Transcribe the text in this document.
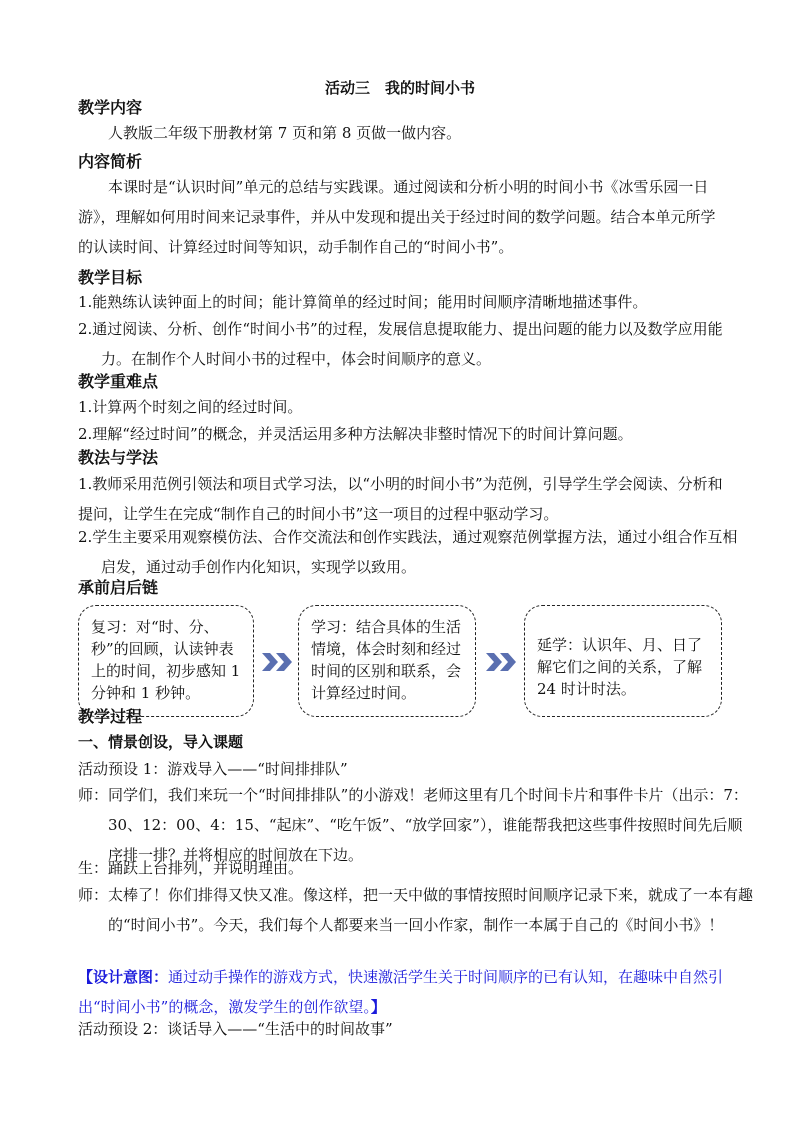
活动三　我的时间小书
教学内容
人教版二年级下册教材第 7 页和第 8 页做一做内容。
内容简析
本课时是“认识时间”单元的总结与实践课。通过阅读和分析小明的时间小书《冰雪乐园一日游》，理解如何用时间来记录事件，并从中发现和提出关于经过时间的数学问题。结合本单元所学的认读时间、计算经过时间等知识，动手制作自己的“时间小书”。
教学目标
1.能熟练认读钟面上的时间；能计算简单的经过时间；能用时间顺序清晰地描述事件。
2.通过阅读、分析、创作“时间小书”的过程，发展信息提取能力、提出问题的能力以及数学应用能力。在制作个人时间小书的过程中，体会时间顺序的意义。
教学重难点
1.计算两个时刻之间的经过时间。
2.理解“经过时间”的概念，并灵活运用多种方法解决非整时情况下的时间计算问题。
教法与学法
1.教师采用范例引领法和项目式学习法，以“小明的时间小书”为范例，引导学生学会阅读、分析和提问，让学生在完成“制作自己的时间小书”这一项目的过程中驱动学习。
2.学生主要采用观察模仿法、合作交流法和创作实践法，通过观察范例掌握方法，通过小组合作互相启发，通过动手创作内化知识，实现学以致用。
承前启后链
复习：对“时、分、秒”的回顾，认读钟表上的时间，初步感知 1 分钟和 1 秒钟。
学习：结合具体的生活情境，体会时刻和经过时间的区别和联系，会计算经过时间。
延学：认识年、月、日了解它们之间的关系，了解 24 时计时法。
教学过程
一、情景创设，导入课题
活动预设 1：游戏导入——“时间排排队”
师：同学们，我们来玩一个“时间排排队”的小游戏！老师这里有几个时间卡片和事件卡片（出示：7：30、12：00、4：15、“起床”、“吃午饭”、“放学回家”），谁能帮我把这些事件按照时间先后顺序排一排？并将相应的时间放在下边。
生：踊跃上台排列，并说明理由。
师：太棒了！你们排得又快又准。像这样，把一天中做的事情按照时间顺序记录下来，就成了一本有趣的“时间小书”。今天，我们每个人都要来当一回小作家，制作一本属于自己的《时间小书》！
【设计意图：通过动手操作的游戏方式，快速激活学生关于时间顺序的已有认知，在趣味中自然引出“时间小书”的概念，激发学生的创作欲望。】
活动预设 2：谈话导入——“生活中的时间故事”
